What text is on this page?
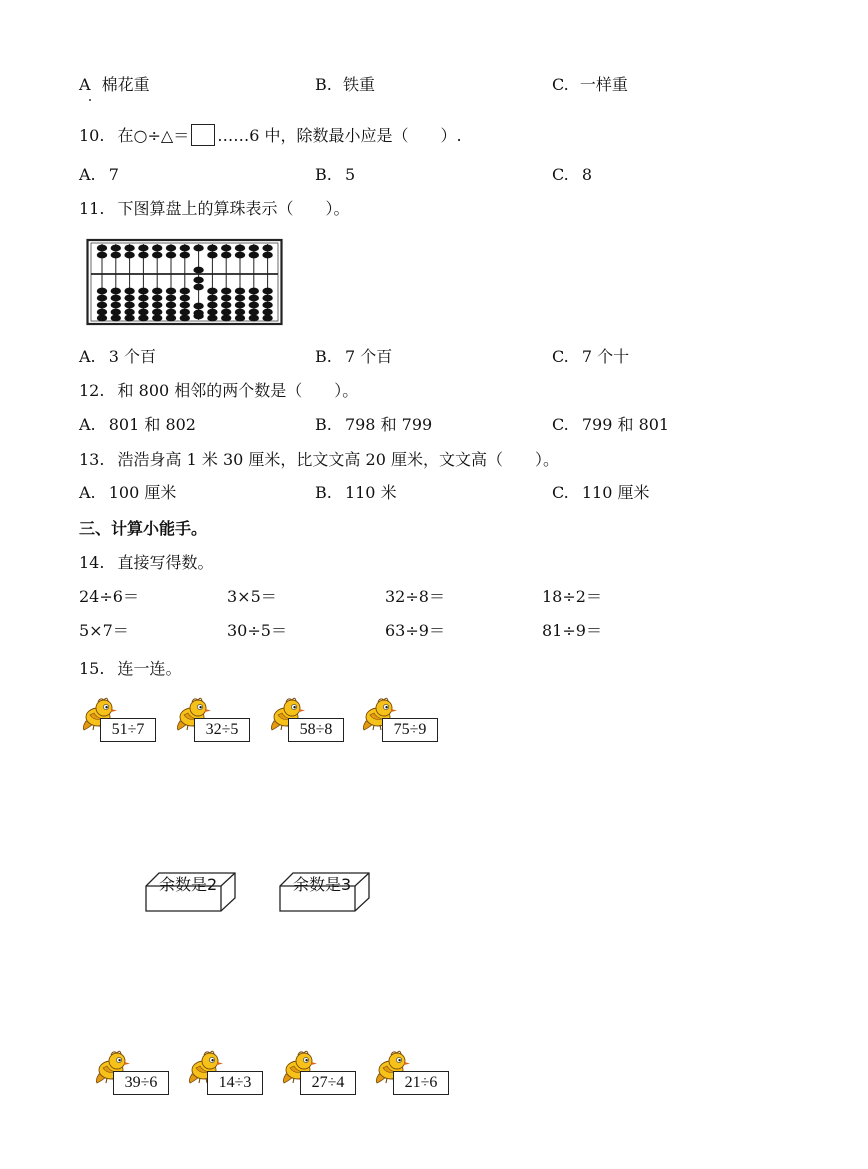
A 棉花重	B. 铁重	C. 一样重
10. 在○÷△＝ ……6 中，除数最小应是（　　）.
A. 7	B. 5	C. 8
11. 下图算盘上的算珠表示（　　）。
A. 3 个百	B. 7 个百	C. 7 个十
12. 和 800 相邻的两个数是（　　）。
A. 801 和 802	B. 798 和 799	C. 799 和 801
13. 浩浩身高 1 米 30 厘米，比文文高 20 厘米，文文高（　　）。
A. 100 厘米	B. 110 米	C. 110 厘米
三、计算小能手。
14. 直接写得数。
24÷6＝	3×5＝	32÷8＝	18÷2＝
5×7＝	30÷5＝	63÷9＝	81÷9＝
15. 连一连。
51÷7	32÷5	58÷8	75÷9
余数是2	余数是3
39÷6	14÷3	27÷4	21÷6
